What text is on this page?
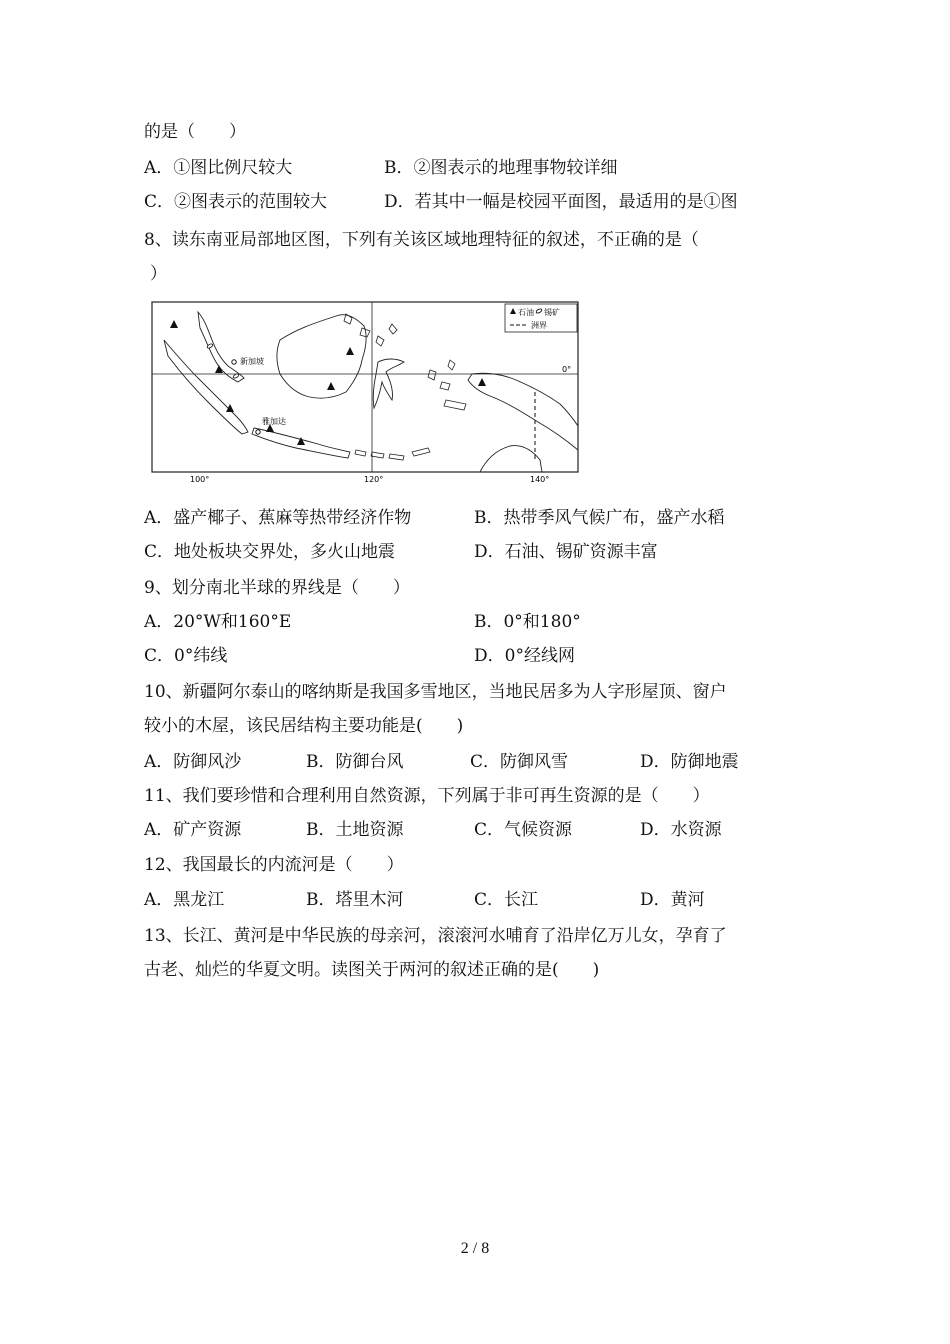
的是（　　）
A．①图比例尺较大	B．②图表示的地理事物较详细
C．②图表示的范围较大	D．若其中一幅是校园平面图，最适用的是①图
8、读东南亚局部地区图，下列有关该区域地理特征的叙述，不正确的是（
）
石油 锡矿
洲界
新加坡
雅加达
100°	120°	140°
0°
A．盛产椰子、蕉麻等热带经济作物	B．热带季风气候广布，盛产水稻
C．地处板块交界处，多火山地震	D．石油、锡矿资源丰富
9、划分南北半球的界线是（　　）
A．20°W和160°E	B．0°和180°
C．0°纬线	D．0°经线网
10、新疆阿尔泰山的喀纳斯是我国多雪地区，当地民居多为人字形屋顶、窗户
较小的木屋，该民居结构主要功能是(　　)
A．防御风沙	B．防御台风	C．防御风雪	D．防御地震
11、我们要珍惜和合理利用自然资源，下列属于非可再生资源的是（　　）
A．矿产资源	B．土地资源	C．气候资源	D．水资源
12、我国最长的内流河是（　　）
A．黑龙江	B．塔里木河	C．长江	D．黄河
13、长江、黄河是中华民族的母亲河，滚滚河水哺育了沿岸亿万儿女，孕育了
古老、灿烂的华夏文明。读图关于两河的叙述正确的是(　　)
2 / 8
